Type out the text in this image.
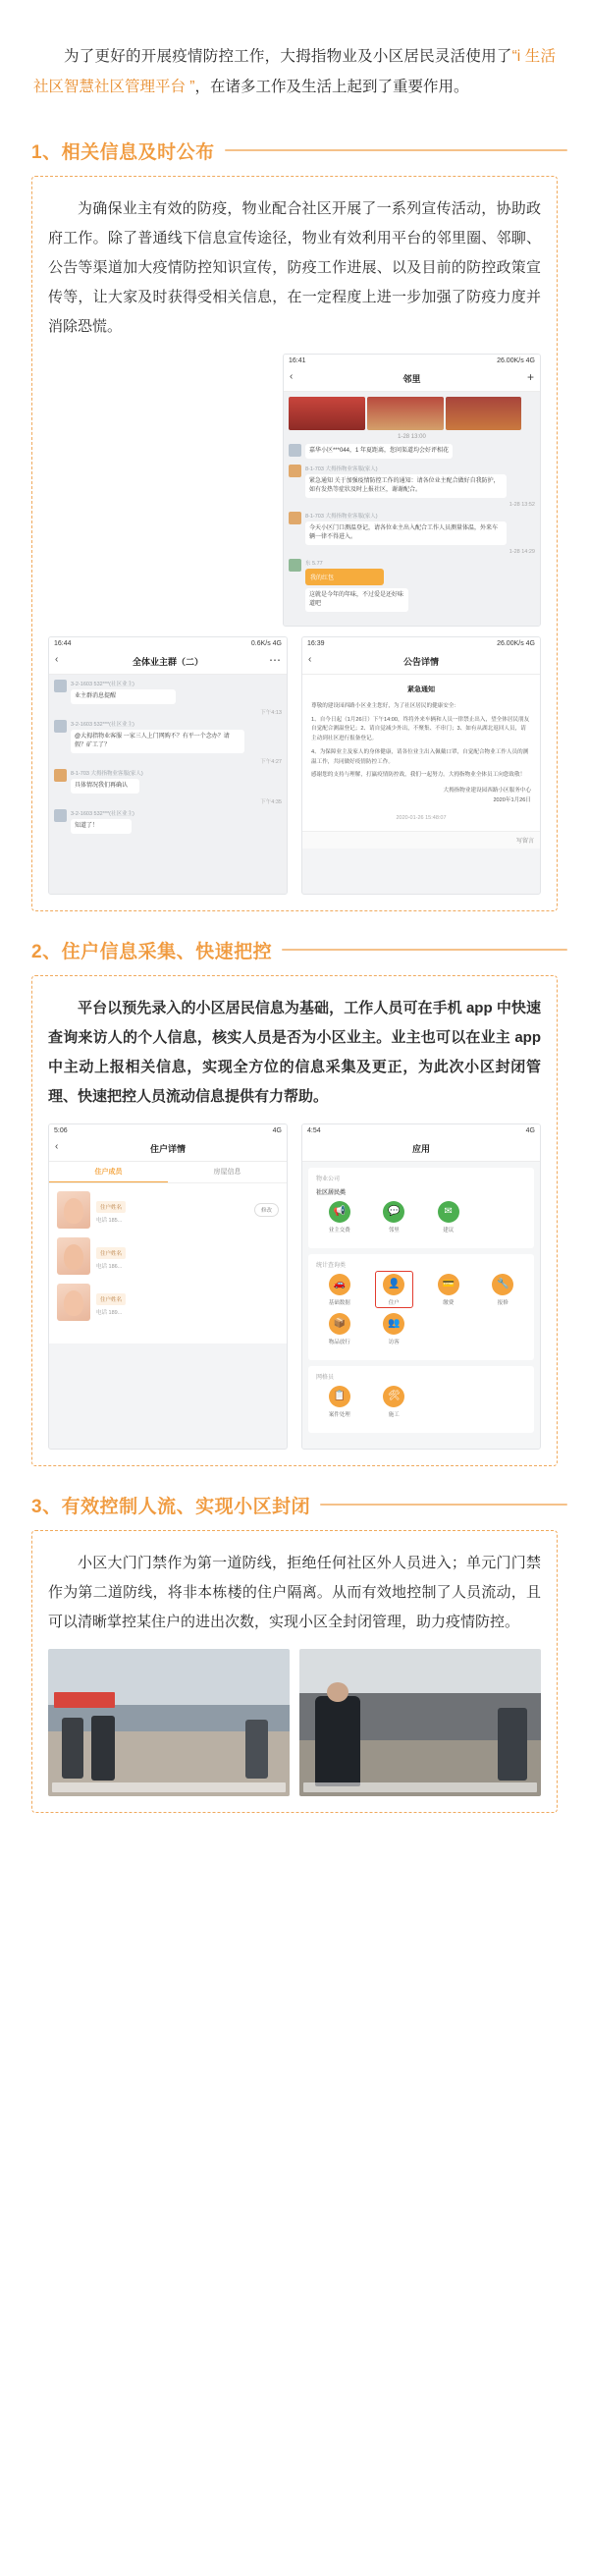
为了更好的开展疫情防控工作，大拇指物业及小区居民灵活使用了“i 生活社区智慧社区管理平台 ”，在诸多工作及生活上起到了重要作用。

1、 相关信息及时公布

为确保业主有效的防疫，物业配合社区开展了一系列宣传活动，协助政府工作。除了普通线下信息宣传途径，物业有效利用平台的邻里圈、邻聊、公告等渠道加大疫情防控知识宣传，防疫工作进展、以及目前的防控政策宣传等，让大家及时获得受相关信息，在一定程度上进一步加强了防疫力度并消除恐慌。

16:41	26.00K/s 4G
‹	邻里	+
1-28 13:00
嘉华小区***044，1 年夏距离，您问渠道均会好评相花
8-1-703 大拇指物业客服(家人)
紧急通知 关于加强疫情防控工作的通知：请各位业主配合做好自我防护，如有发热等症状及时上报社区，谢谢配合。
1-28 13:52
8-1-703 大拇指物业客服(家人)
今天小区门口测温登记，请各位业主出入配合工作人员测量体温，外来车辆一律不得进入。
1-28 14:29
东 5.77
我的红包
这就是今年的年味，不过爱是还好味道吧
16:44	0.6K/s 4G
‹	全体业主群（二）	⋯
3-2-1603 532***(社区业主)
业主群消息提醒
下午4:13
3-2-1603 532***(社区业主)
@大拇指物业客服 一家三人上门网购不？有平一个念办？请假？矿工了？
下午4:27
8-1-703 大拇指物业客服(家人)
具体情况我们再确认
下午4:35
3-2-1603 532***(社区业主)
知道了！
16:39	26.00K/s 4G
‹	公告详情
紧急通知
尊敬的建设园西路小区业主您好，为了社区居民的健康安全：
1、自今日起（1月26日）下午14:00，终将外来车辆和人员一律禁止出入，望全体居民朋友自觉配合测温登记；2、请自觉减少外出，不聚集、不串门；3、如有从湖北返回人员，请主动到社区进行报备登记。
4、为保障业主及家人的身体健康，请各位业主出入佩戴口罩，自觉配合物业工作人员的测温工作，共同做好疫情防控工作。
感谢您的支持与理解，打赢疫情防控战，我们一起努力。大拇指物业全体员工向您致敬！
大拇指物业建设园西路小区服务中心
2020年1月26日
2020-01-26 15:48:07
写留言
2、 住户信息采集、快速把控

平台以预先录入的小区居民信息为基础，工作人员可在手机 app 中快速查询来访人的个人信息，核实人员是否为小区业主。业主也可以在业主 app 中主动上报相关信息，实现全方位的信息采集及更正，为此次小区封闭管理、快速把控人员流动信息提供有力帮助。

5:06	4G
‹	住户详情
住户成员	房屋信息
住户姓名
电话 185...
修改
住户姓名
电话 186...
住户姓名
电话 189...
4:54	4G
应用
物业公司
社区居民类
📢
业主交费
💬
邻里
✉
建议
统计查询类
🚗
基础数据
👤
住户
💳
缴费
🔧
报修
📦
物品放行
👥
访客
网格员
📋
案件处理
🛠
施工
3、 有效控制人流、实现小区封闭

小区大门门禁作为第一道防线，拒绝任何社区外人员进入；单元门门禁作为第二道防线，将非本栋楼的住户隔离。从而有效地控制了人员流动，且可以清晰掌控某住户的进出次数，实现小区全封闭管理，助力疫情防控。
